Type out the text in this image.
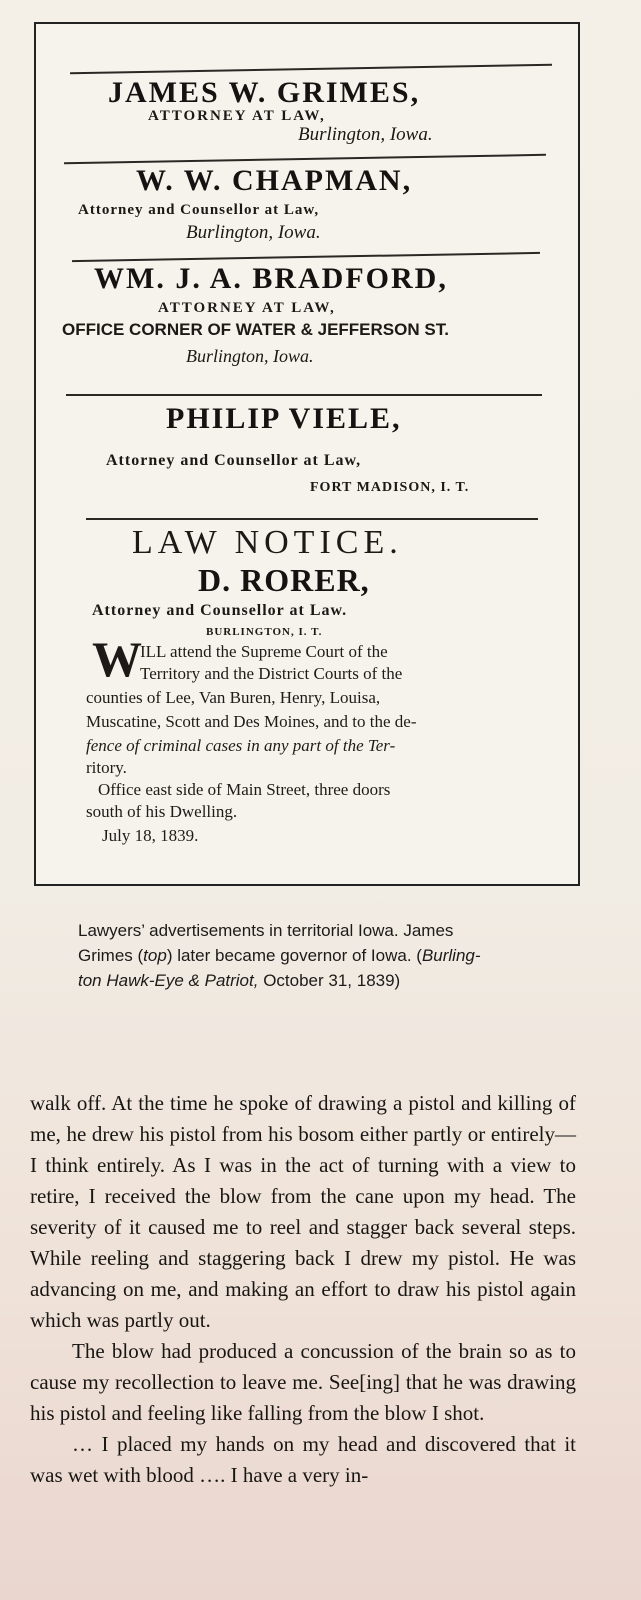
JAMES W. GRIMES,
ATTORNEY AT LAW,
Burlington, Iowa.
W. W. CHAPMAN,
Attorney and Counsellor at Law,
Burlington, Iowa.
WM. J. A. BRADFORD,
ATTORNEY AT LAW,
OFFICE CORNER OF WATER & JEFFERSON ST.
Burlington, Iowa.
PHILIP VIELE,
Attorney and Counsellor at Law,
FORT MADISON, I. T.
LAW NOTICE.
D. RORER,
Attorney and Counsellor at Law.
BURLINGTON, I. T.
W
ILL attend the Supreme Court of the
Territory and the District Courts of the
counties of Lee, Van Buren, Henry, Louisa,
Muscatine, Scott and Des Moines, and to the de-
fence of criminal cases in any part of the Ter-
ritory.
Office east side of Main Street, three doors
south of his Dwelling.
July 18, 1839.

Lawyers’ advertisements in territorial Iowa. James

Grimes (top) later became governor of Iowa. (Burling-

ton Hawk-Eye & Patriot, October 31, 1839)

walk off. At the time he spoke of drawing a pistol and killing of me, he drew his pistol from his bosom either partly or entirely—I think entirely. As I was in the act of turning with a view to retire, I received the blow from the cane upon my head. The severity of it caused me to reel and stagger back several steps. While reeling and staggering back I drew my pistol. He was advancing on me, and making an effort to draw his pistol again which was partly out.

The blow had produced a concussion of the brain so as to cause my recollection to leave me. See[ing] that he was drawing his pistol and feeling like falling from the blow I shot.

… I placed my hands on my head and discovered that it was wet with blood …. I have a very in-
